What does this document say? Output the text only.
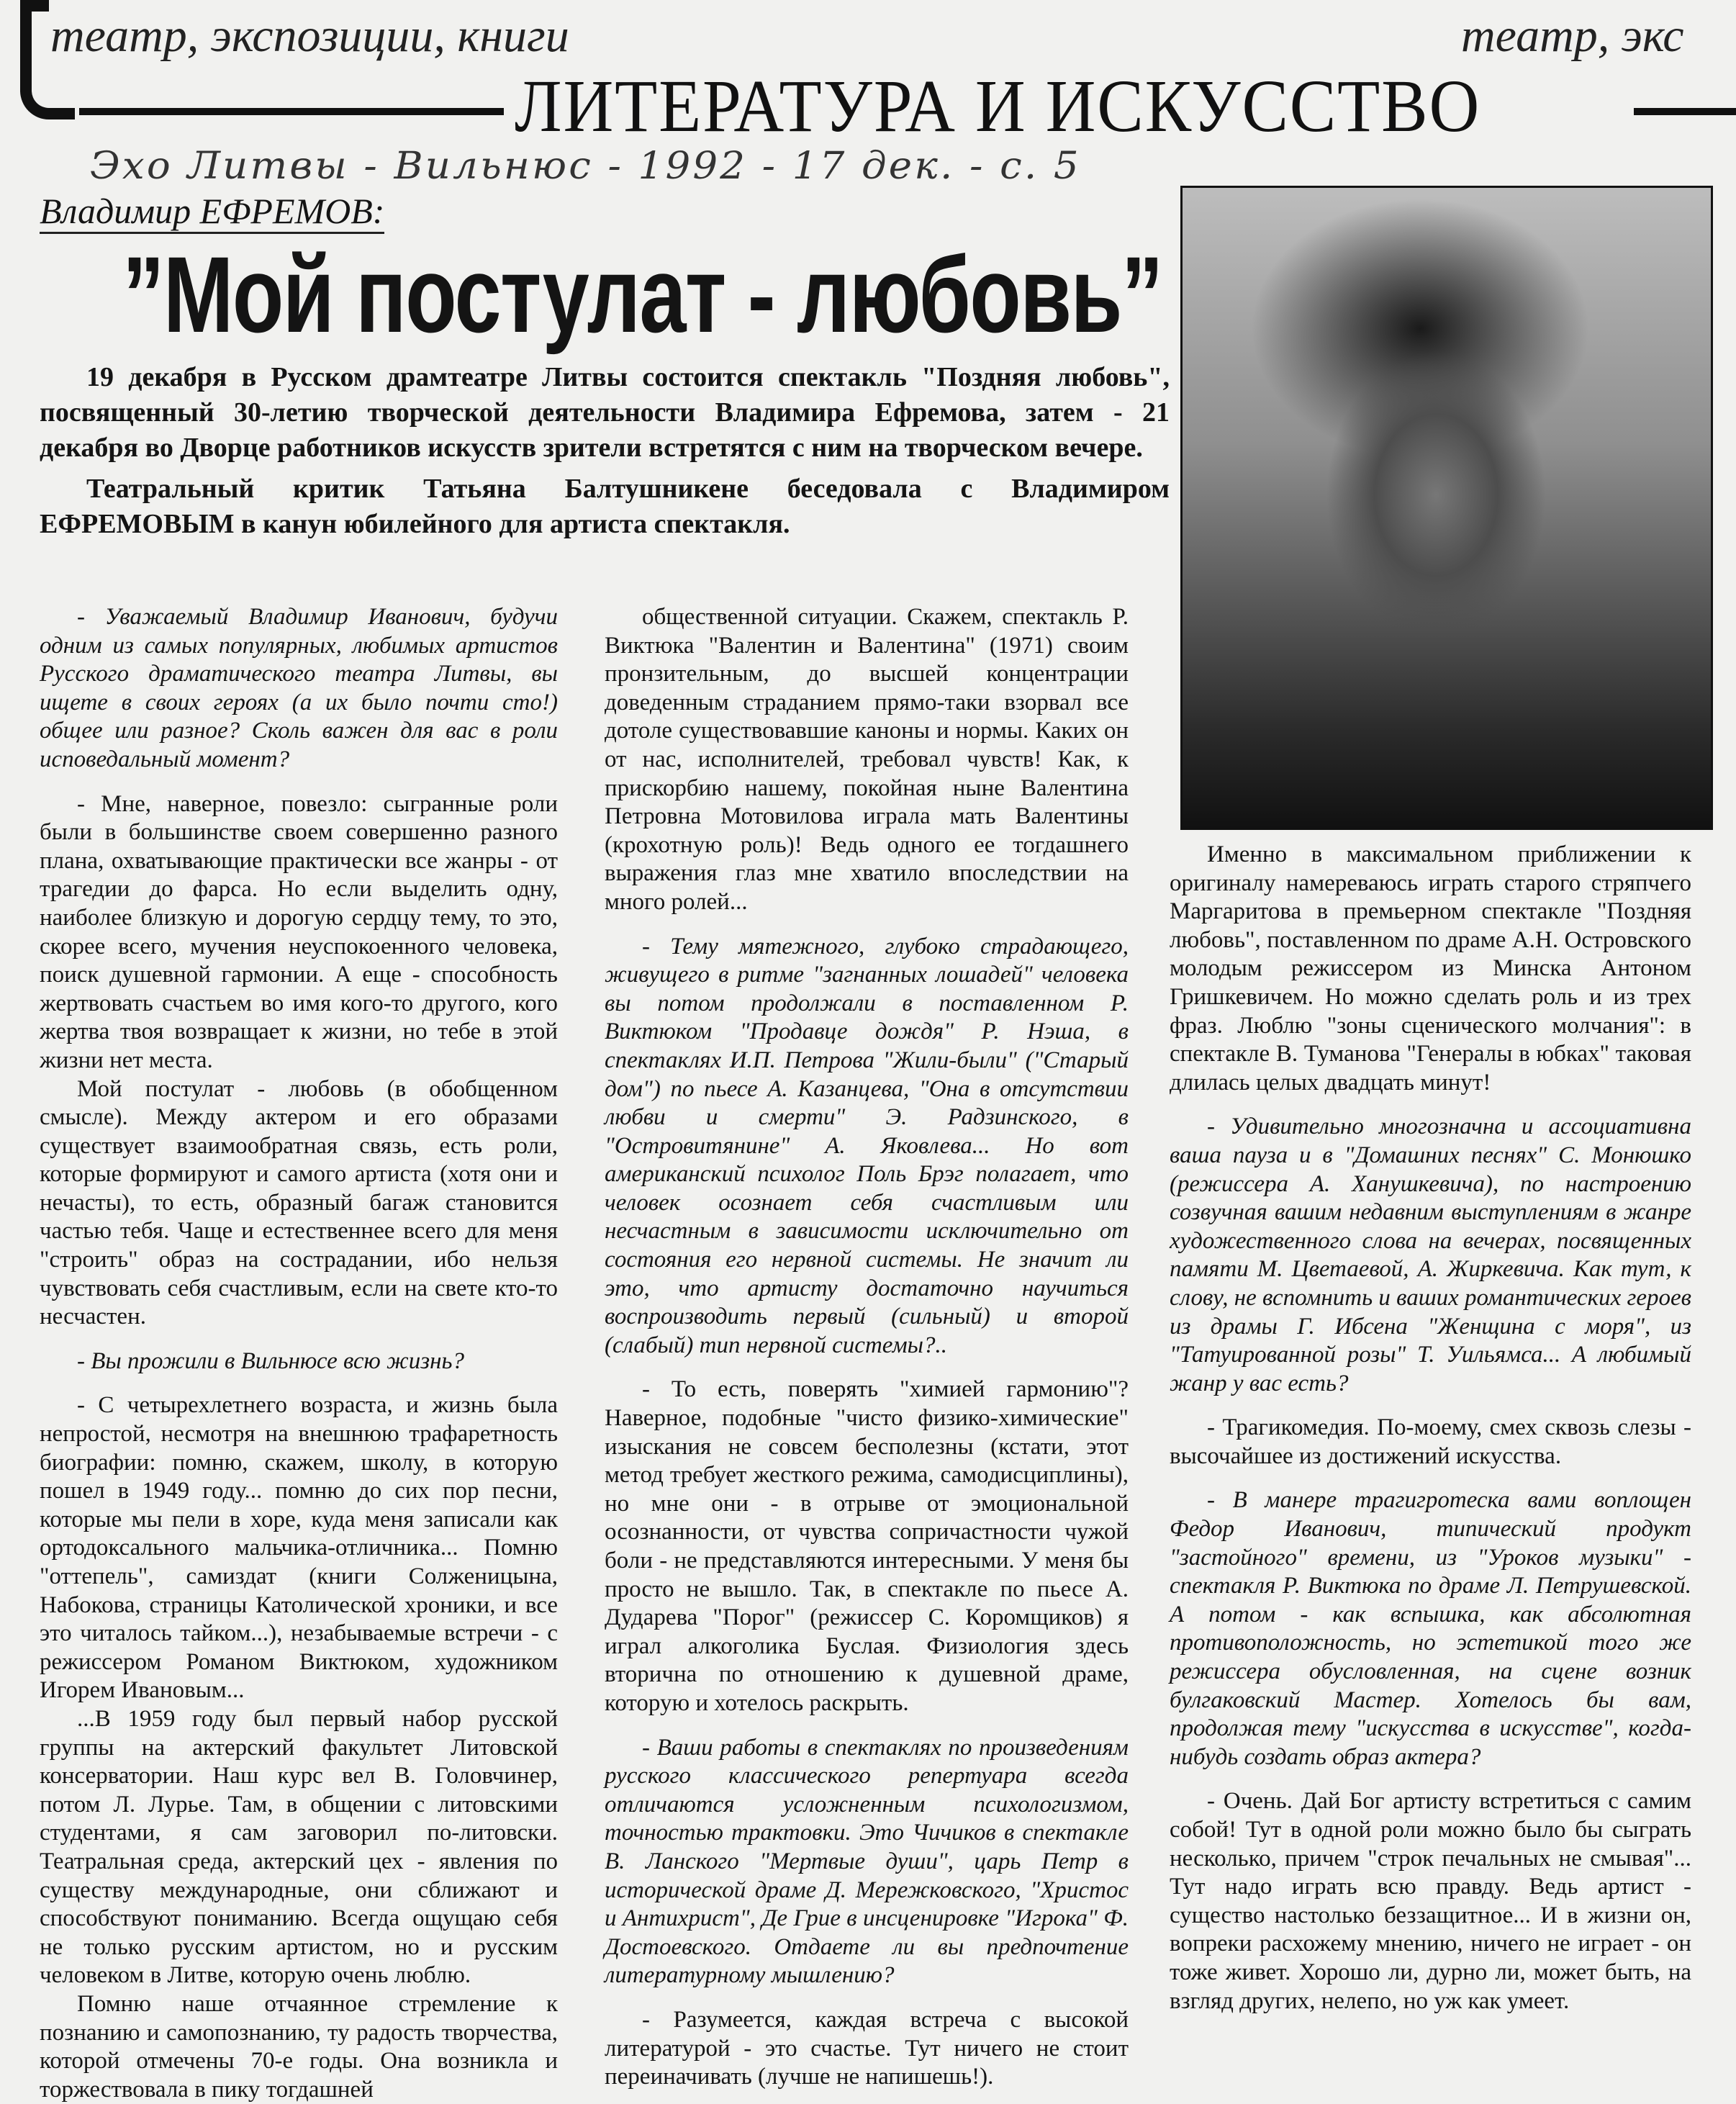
театр, экспозиции, книги	театр, экс
ЛИТЕРАТУРА И ИСКУССТВО
Эхо Литвы - Вильнюс - 1992 - 17 дек. - с. 5
Владимир ЕФРЕМОВ:
”Мой постулат - любовь”

19 декабря в Русском драмтеатре Литвы состоится спектакль "Поздняя любовь", посвященный 30-летию творческой деятельности Владимира Ефремова, затем - 21 декабря во Дворце работников искусств зрители встретятся с ним на творческом вечере.

Театральный критик Татьяна Балтушникене беседовала с Владимиром ЕФРЕМОВЫМ в канун юбилейного для артиста спектакля.

- Уважаемый Владимир Иванович, будучи одним из самых популярных, любимых артистов Русского драматического театра Литвы, вы ищете в своих героях (а их было почти сто!) общее или разное? Сколь важен для вас в роли исповедальный момент?

- Мне, наверное, повезло: сыгранные роли были в большинстве своем совершенно разного плана, охватывающие практически все жанры - от трагедии до фарса. Но если выделить одну, наиболее близкую и дорогую сердцу тему, то это, скорее всего, мучения неуспокоенного человека, поиск душевной гармонии. А еще - способность жертвовать счастьем во имя кого-то другого, кого жертва твоя возвращает к жизни, но тебе в этой жизни нет места.

Мой постулат - любовь (в обобщенном смысле). Между актером и его образами существует взаимообратная связь, есть роли, которые формируют и самого артиста (хотя они и нечасты), то есть, образный багаж становится частью тебя. Чаще и естественнее всего для меня "строить" образ на сострадании, ибо нельзя чувствовать себя счастливым, если на свете кто-то несчастен.

- Вы прожили в Вильнюсе всю жизнь?

- С четырехлетнего возраста, и жизнь была непростой, несмотря на внешнюю трафаретность биографии: помню, скажем, школу, в которую пошел в 1949 году... помню до сих пор песни, которые мы пели в хоре, куда меня записали как ортодоксального мальчика-отличника... Помню "оттепель", самиздат (книги Солженицына, Набокова, страницы Католической хроники, и все это читалось тайком...), незабываемые встречи - с режиссером Романом Виктюком, художником Игорем Ивановым...

...В 1959 году был первый набор русской группы на актерский факультет Литовской консерватории. Наш курс вел В. Головчинер, потом Л. Лурье. Там, в общении с литовскими студентами, я сам заговорил по-литовски. Театральная среда, актерский цех - явления по существу международные, они сближают и способствуют пониманию. Всегда ощущаю себя не только русским артистом, но и русским человеком в Литве, которую очень люблю.

Помню наше отчаянное стремление к познанию и самопознанию, ту радость творчества, которой отмечены 70-е годы. Она возникла и торжествовала в пику тогдашней

общественной ситуации. Скажем, спектакль Р. Виктюка "Валентин и Валентина" (1971) своим пронзительным, до высшей концентрации доведенным страданием прямо-таки взорвал все дотоле существовавшие каноны и нормы. Каких он от нас, исполнителей, требовал чувств! Как, к прискорбию нашему, покойная ныне Валентина Петровна Мотовилова играла мать Валентины (крохотную роль)! Ведь одного ее тогдашнего выражения глаз мне хватило впоследствии на много ролей...

- Тему мятежного, глубоко страдающего, живущего в ритме "загнанных лошадей" человека вы потом продолжали в поставленном Р. Виктюком "Продавце дождя" Р. Нэша, в спектаклях И.П. Петрова "Жили-были" ("Старый дом") по пьесе А. Казанцева, "Она в отсутствии любви и смерти" Э. Радзинского, в "Островитянине" А. Яковлева... Но вот американский психолог Поль Брэг полагает, что человек осознает себя счастливым или несчастным в зависимости исключительно от состояния его нервной системы. Не значит ли это, что артисту достаточно научиться воспроизводить первый (сильный) и второй (слабый) тип нервной системы?..

- То есть, поверять "химией гармонию"? Наверное, подобные "чисто физико-химические" изыскания не совсем бесполезны (кстати, этот метод требует жесткого режима, самодисциплины), но мне они - в отрыве от эмоциональной осознанности, от чувства сопричастности чужой боли - не представляются интересными. У меня бы просто не вышло. Так, в спектакле по пьесе А. Дударева "Порог" (режиссер С. Коромщиков) я играл алкоголика Буслая. Физиология здесь вторична по отношению к душевной драме, которую и хотелось раскрыть.

- Ваши работы в спектаклях по произведениям русского классического репертуара всегда отличаются усложненным психологизмом, точностью трактовки. Это Чичиков в спектакле В. Ланского "Мертвые души", царь Петр в исторической драме Д. Мережковского, "Христос и Антихрист", Де Грие в инсценировке "Игрока" Ф. Достоевского. Отдаете ли вы предпочтение литературному мышлению?

- Разумеется, каждая встреча с высокой литературой - это счастье. Тут ничего не стоит переиначивать (лучше не напишешь!).

Именно в максимальном приближении к оригиналу намереваюсь играть старого стряпчего Маргаритова в премьерном спектакле "Поздняя любовь", поставленном по драме А.Н. Островского молодым режиссером из Минска Антоном Гришкевичем. Но можно сделать роль и из трех фраз. Люблю "зоны сценического молчания": в спектакле В. Туманова "Генералы в юбках" таковая длилась целых двадцать минут!

- Удивительно многозначна и ассоциативна ваша пауза и в "Домашних песнях" С. Монюшко (режиссера А. Ханушкевича), по настроению созвучная вашим недавним выступлениям в жанре художественного слова на вечерах, посвященных памяти М. Цветаевой, А. Жиркевича. Как тут, к слову, не вспомнить и ваших романтических героев из драмы Г. Ибсена "Женщина с моря", из "Татуированной розы" Т. Уильямса... А любимый жанр у вас есть?

- Трагикомедия. По-моему, смех сквозь слезы - высочайшее из достижений искусства.

- В манере трагигротеска вами воплощен Федор Иванович, типический продукт "застойного" времени, из "Уроков музыки" - спектакля Р. Виктюка по драме Л. Петрушевской. А потом - как вспышка, как абсолютная противоположность, но эстетикой того же режиссера обусловленная, на сцене возник булгаковский Мастер. Хотелось бы вам, продолжая тему "искусства в искусстве", когда-нибудь создать образ актера?

- Очень. Дай Бог артисту встретиться с самим собой! Тут в одной роли можно было бы сыграть несколько, причем "строк печальных не смывая"... Тут надо играть всю правду. Ведь артист - существо настолько беззащитное... И в жизни он, вопреки расхожему мнению, ничего не играет - он тоже живет. Хорошо ли, дурно ли, может быть, на взгляд других, нелепо, но уж как умеет.
